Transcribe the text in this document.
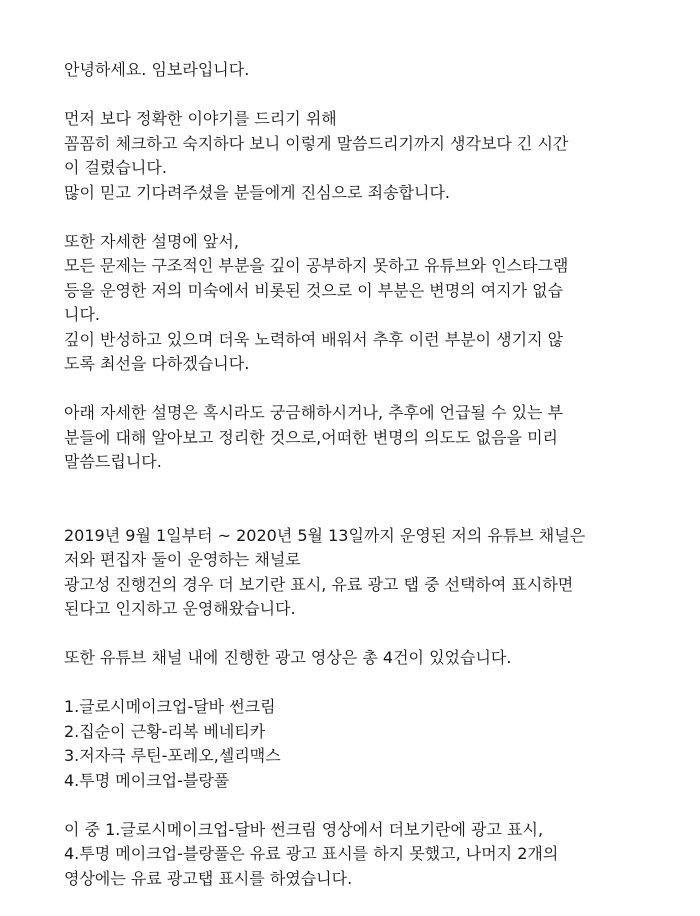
안녕하세요. 임보라입니다.
먼저 보다 정확한 이야기를 드리기 위해
꼼꼼히 체크하고 숙지하다 보니 이렇게 말씀드리기까지 생각보다 긴 시간
이 걸렸습니다.
많이 믿고 기다려주셨을 분들에게 진심으로 죄송합니다.
또한 자세한 설명에 앞서,
모든 문제는 구조적인 부분을 깊이 공부하지 못하고 유튜브와 인스타그램
등을 운영한 저의 미숙에서 비롯된 것으로 이 부분은 변명의 여지가 없습
니다.
깊이 반성하고 있으며 더욱 노력하여 배워서 추후 이런 부분이 생기지 않
도록 최선을 다하겠습니다.
아래 자세한 설명은 혹시라도 궁금해하시거나, 추후에 언급될 수 있는 부
분들에 대해 알아보고 정리한 것으로,어떠한 변명의 의도도 없음을 미리
말씀드립니다.
2019년 9월 1일부터 ~ 2020년 5월 13일까지 운영된 저의 유튜브 채널은
저와 편집자 둘이 운영하는 채널로
광고성 진행건의 경우 더 보기란 표시, 유료 광고 탭 중 선택하여 표시하면
된다고 인지하고 운영해왔습니다.
또한 유튜브 채널 내에 진행한 광고 영상은 총 4건이 있었습니다.
1.글로시메이크업-달바 썬크림
2.집순이 근황-리복 베네티카
3.저자극 루틴-포레오,셀리맥스
4.투명 메이크업-블랑풀
이 중 1.글로시메이크업-달바 썬크림 영상에서 더보기란에 광고 표시,
4.투명 메이크업-블랑풀은 유료 광고 표시를 하지 못했고, 나머지 2개의
영상에는 유료 광고탭 표시를 하였습니다.
